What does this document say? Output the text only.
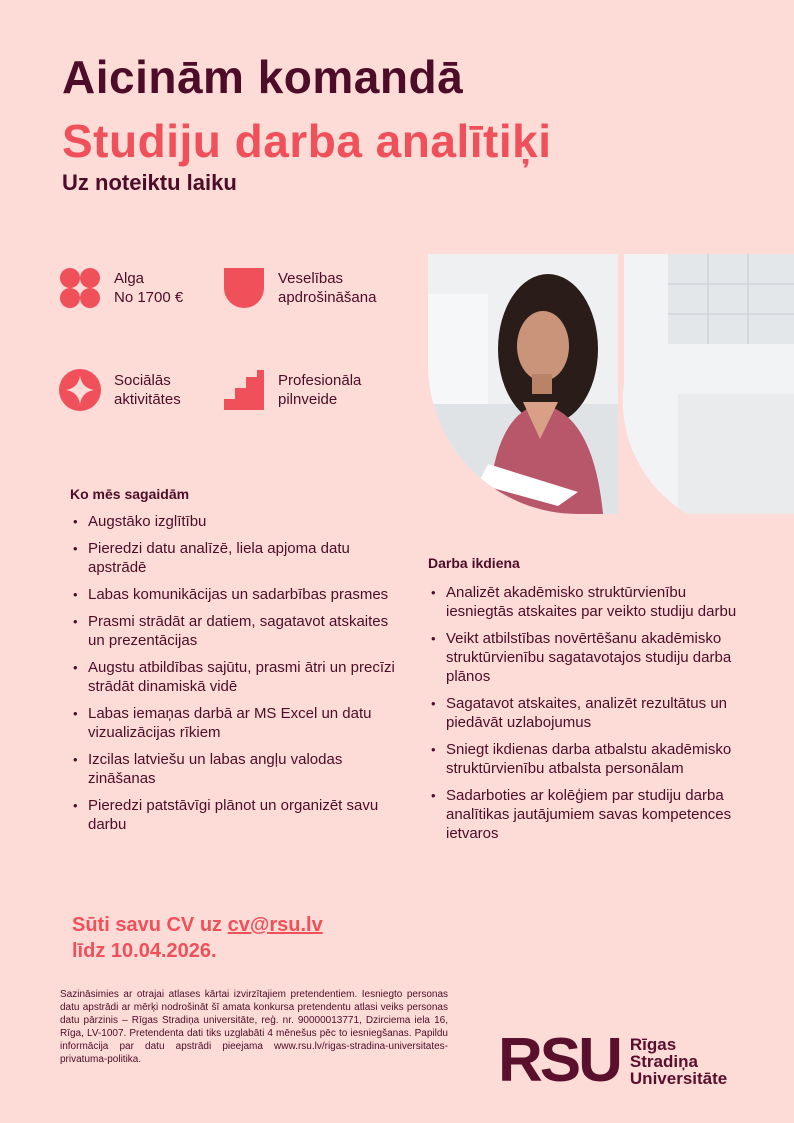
Aicinām komandā
Studiju darba analītiķi
Uz noteiktu laiku
Alga
No 1700 €
Veselības
apdrošināšana
Sociālās
aktivitātes
Profesionāla
pilnveide
Ko mēs sagaidām
• Augstāko izglītību
• Pieredzi datu analīzē, liela apjoma datu apstrādē
• Labas komunikācijas un sadarbības prasmes
• Prasmi strādāt ar datiem, sagatavot atskaites un prezentācijas
• Augstu atbildības sajūtu, prasmi ātri un precīzi strādāt dinamiskā vidē
• Labas iemaņas darbā ar MS Excel un datu vizualizācijas rīkiem
• Izcilas latviešu un labas angļu valodas zināšanas
• Pieredzi patstāvīgi plānot un organizēt savu darbu
Darba ikdiena
• Analizēt akadēmisko struktūrvienību iesniegtās atskaites par veikto studiju darbu
• Veikt atbilstības novērtēšanu akadēmisko struktūrvienību sagatavotajos studiju darba plānos
• Sagatavot atskaites, analizēt rezultātus un piedāvāt uzlabojumus
• Sniegt ikdienas darba atbalstu akadēmisko struktūrvienību atbalsta personālam
• Sadarboties ar kolēģiem par studiju darba analītikas jautājumiem savas kompetences ietvaros
Sūti savu CV uz cv@rsu.lv
līdz 10.04.2026.
Sazināsimies ar otrajai atlases kārtai izvirzītajiem pretendentiem. Iesniegto personas datu apstrādi ar mērķi nodrošināt šī amata konkursa pretendentu atlasi veiks personas datu pārzinis – Rīgas Stradiņa universitāte, reģ. nr. 90000013771, Dzirciema iela 16, Rīga, LV-1007. Pretendenta dati tiks uzglabāti 4 mēnešus pēc to iesniegšanas. Papildu informācija par datu apstrādi pieejama www.rsu.lv/rigas-stradina-universitates-privatuma-politika.	RSU Rīgas
Stradiņa
Universitāte
